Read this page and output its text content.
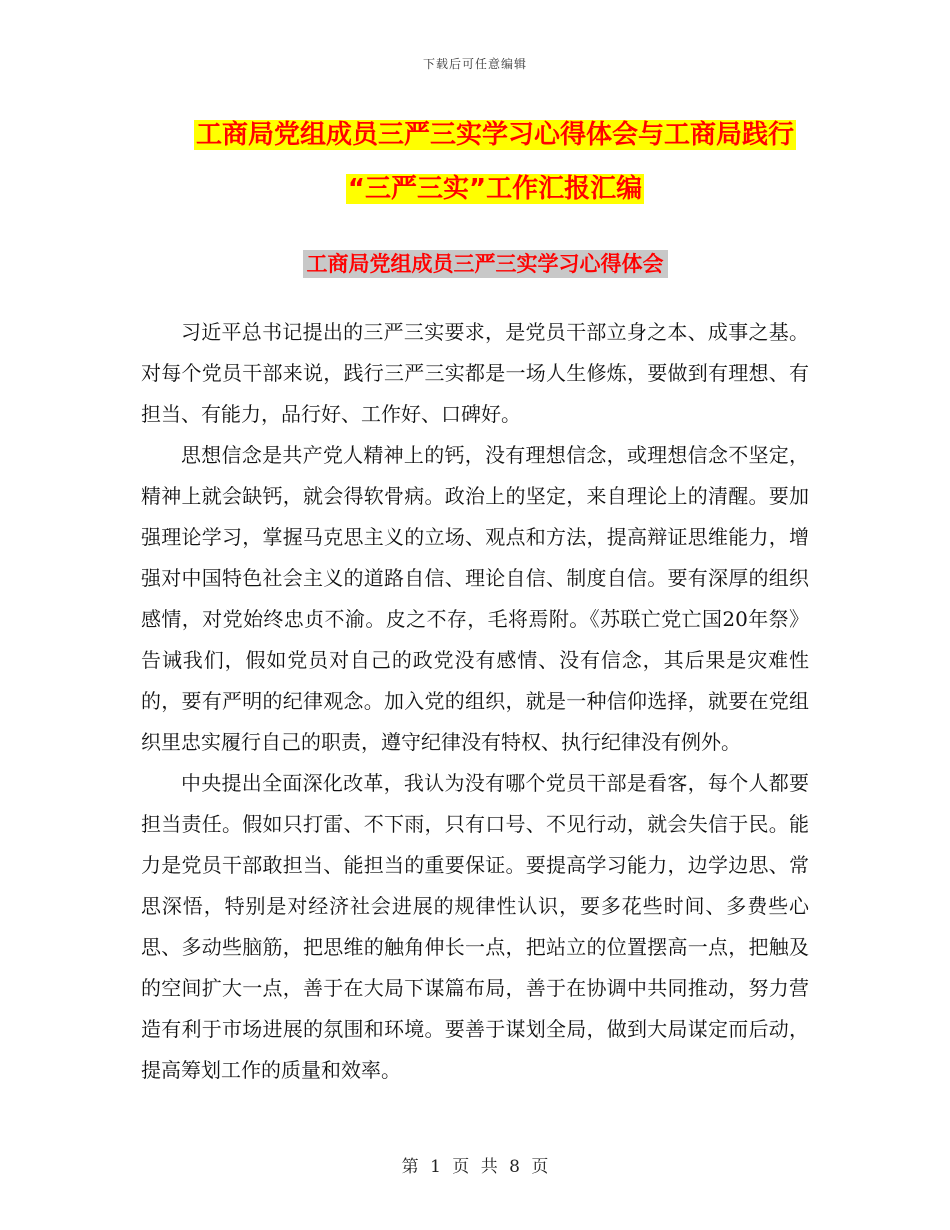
下载后可任意编辑
工商局党组成员三严三实学习心得体会与工商局践行
“三严三实”工作汇报汇编
工商局党组成员三严三实学习心得体会

习近平总书记提出的三严三实要求，是党员干部立身之本、成事之基。对每个党员干部来说，践行三严三实都是一场人生修炼，要做到有理想、有担当、有能力，品行好、工作好、口碑好。

思想信念是共产党人精神上的钙，没有理想信念，或理想信念不坚定，精神上就会缺钙，就会得软骨病。政治上的坚定，来自理论上的清醒。要加强理论学习，掌握马克思主义的立场、观点和方法，提高辩证思维能力，增强对中国特色社会主义的道路自信、理论自信、制度自信。要有深厚的组织感情，对党始终忠贞不渝。皮之不存，毛将焉附。《苏联亡党亡国20年祭》告诫我们，假如党员对自己的政党没有感情、没有信念，其后果是灾难性的，要有严明的纪律观念。加入党的组织，就是一种信仰选择，就要在党组织里忠实履行自己的职责，遵守纪律没有特权、执行纪律没有例外。

中央提出全面深化改革，我认为没有哪个党员干部是看客，每个人都要担当责任。假如只打雷、不下雨，只有口号、不见行动，就会失信于民。能力是党员干部敢担当、能担当的重要保证。要提高学习能力，边学边思、常思深悟，特别是对经济社会进展的规律性认识，要多花些时间、多费些心思、多动些脑筋，把思维的触角伸长一点，把站立的位置摆高一点，把触及的空间扩大一点，善于在大局下谋篇布局，善于在协调中共同推动，努力营造有利于市场进展的氛围和环境。要善于谋划全局，做到大局谋定而后动，提高筹划工作的质量和效率。

第 1 页 共 8 页
